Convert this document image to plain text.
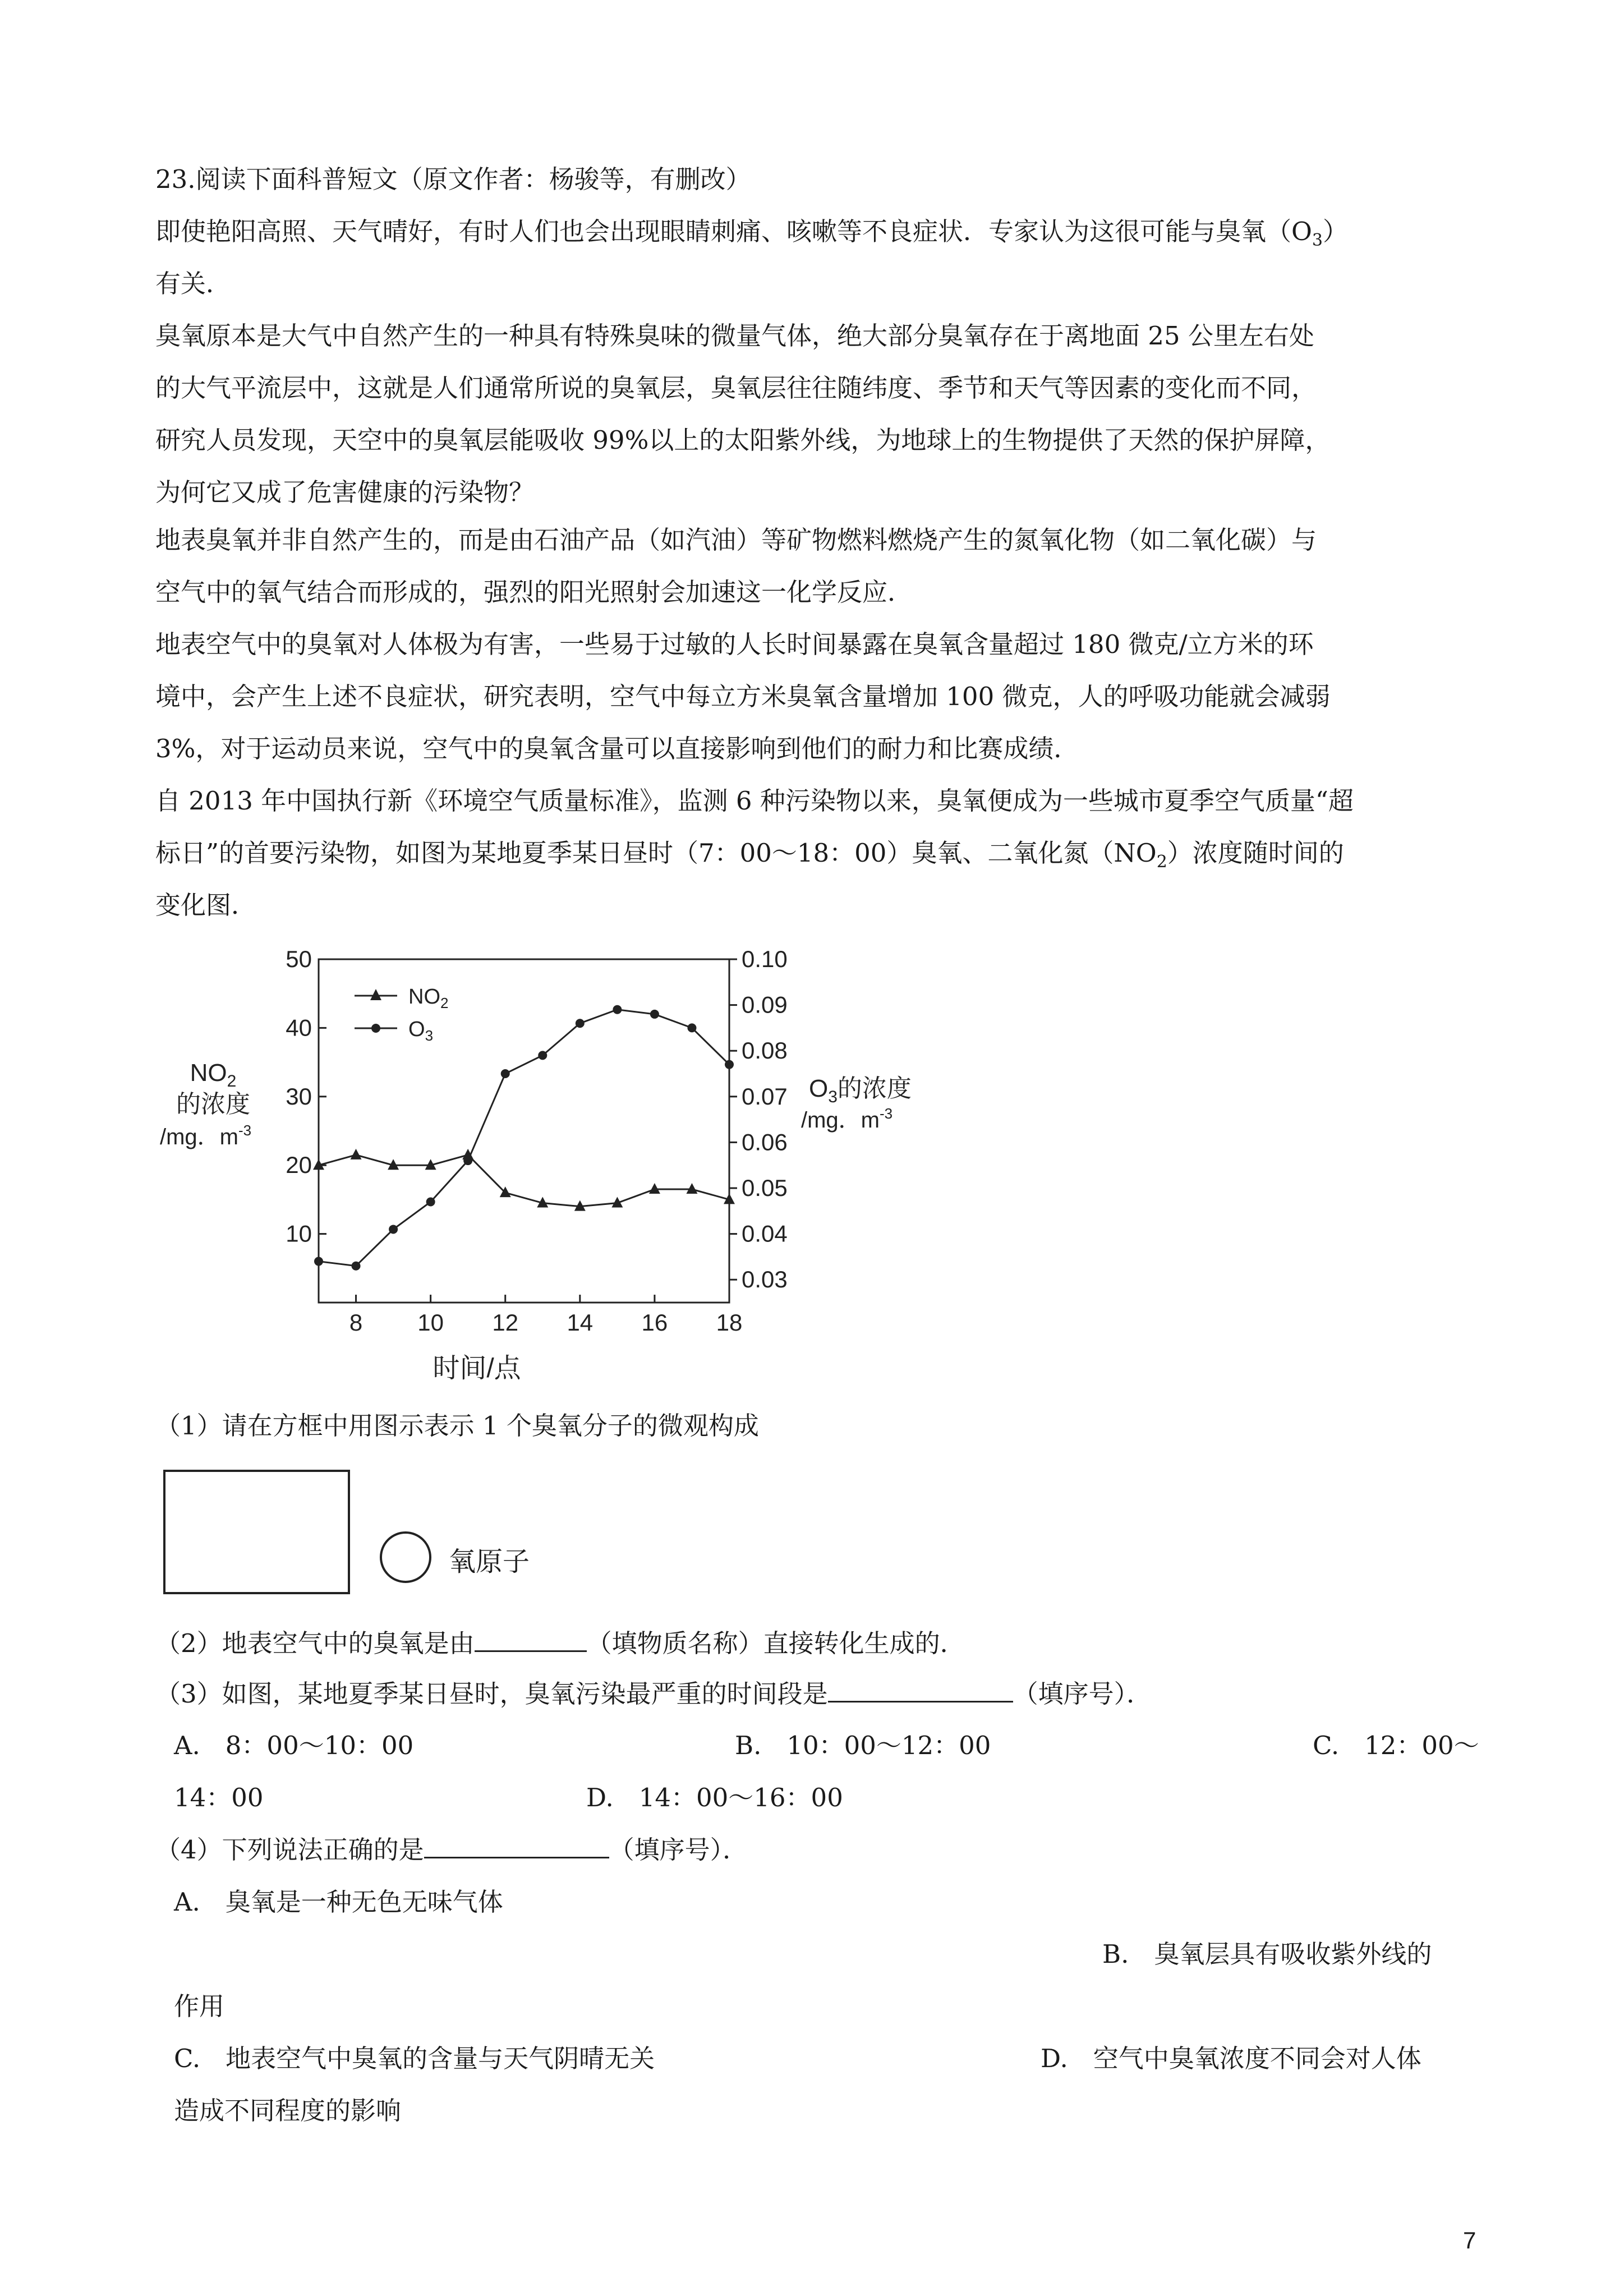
23.阅读下面科普短文（原文作者：杨骏等，有删改）
即使艳阳高照、天气晴好，有时人们也会出现眼睛刺痛、咳嗽等不良症状．专家认为这很可能与臭氧$(O_3)$
有关．
臭氧原本是大气中自然产生的一种具有特殊臭味的微量气体，绝大部分臭氧存在于离地面 25 公里左右处
的大气平流层中，这就是人们通常所说的臭氧层，臭氧层往往随纬度、季节和天气等因素的变化而不同，
研究人员发现，天空中的臭氧层能吸收 99%以上的太阳紫外线，为地球上的生物提供了天然的保护屏障，
为何它又成了危害健康的污染物？
地表臭氧并非自然产生的，而是由石油产品（如汽油）等矿物燃料燃烧产生的氮氧化物（如二氧化碳）与
空气中的氧气结合而形成的，强烈的阳光照射会加速这一化学反应．
地表空气中的臭氧对人体极为有害，一些易于过敏的人长时间暴露在臭氧含量超过 180 微克/立方米的环
境中，会产生上述不良症状，研究表明，空气中每立方米臭氧含量增加 100 微克，人的呼吸功能就会减弱
3%，对于运动员来说，空气中的臭氧含量可以直接影响到他们的耐力和比赛成绩．
自 2013 年中国执行新《环境空气质量标准》，监测 6 种污染物以来，臭氧便成为一些城市夏季空气质量“超
标日”的首要污染物，如图为某地夏季某日昼时（7：00～18：00）臭氧、二氧化氮$(NO_2)$浓度随时间的
变化图．
8 10 12 14 16 18
10
20
30
40
50
0.03
0.04
0.05
0.06
0.07
0.08
0.09
0.10
$NO_2$
的浓度
/mg．$m^{-3}$
$O_3$的浓度
/mg．$m^{-3}$
时间/点
$NO_2$
$O_3$
（1）请在方框中用图示表示 1 个臭氧分子的微观构成
氧原子
（2）地表空气中的臭氧是由	（填物质名称）直接转化生成的．
（3）如图，某地夏季某日昼时，臭氧污染最严重的时间段是	（填序号）．
A.　8：00～10：00	B.　10：00～12：00	C.　12：00～
14：00	D.　14：00～16：00
（4）下列说法正确的是	（填序号）．
A.　臭氧是一种无色无味气体
B.　臭氧层具有吸收紫外线的
作用
C.　地表空气中臭氧的含量与天气阴晴无关	D.　空气中臭氧浓度不同会对人体
造成不同程度的影响
7
